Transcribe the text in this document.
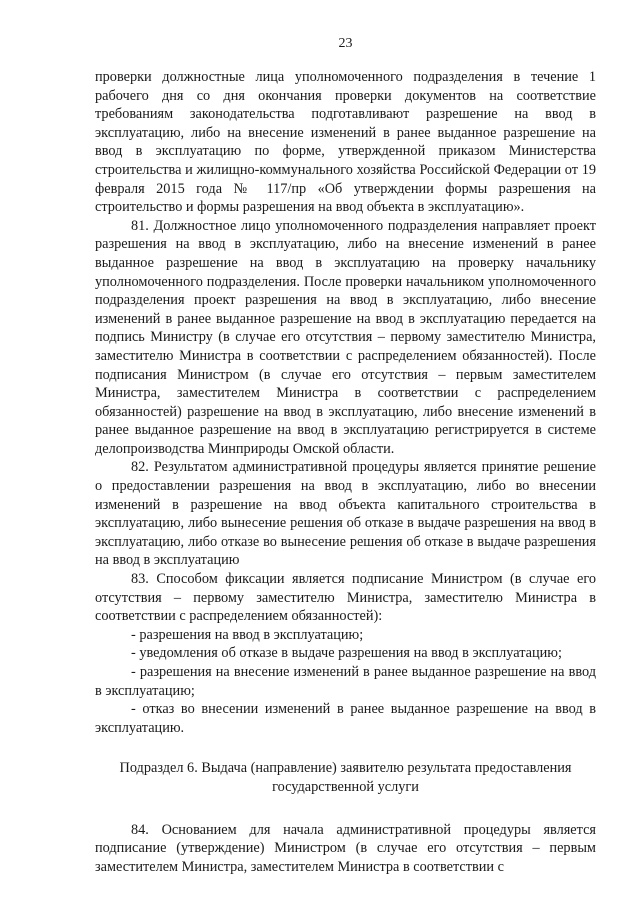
23

проверки должностные лица уполномоченного подразделения в течение 1 рабочего дня со дня окончания проверки документов на соответствие требованиям законодательства подготавливают разрешение на ввод в эксплуатацию, либо на внесение изменений в ранее выданное разрешение на ввод в эксплуатацию по форме, утвержденной приказом Министерства строительства и жилищно-коммунального хозяйства Российской Федерации от 19 февраля 2015 года № 117/пр «Об утверждении формы разрешения на строительство и формы разрешения на ввод объекта в эксплуатацию».

81. Должностное лицо уполномоченного подразделения направляет проект разрешения на ввод в эксплуатацию, либо на внесение изменений в ранее выданное разрешение на ввод в эксплуатацию на проверку начальнику уполномоченного подразделения. После проверки начальником уполномоченного подразделения проект разрешения на ввод в эксплуатацию, либо внесение изменений в ранее выданное разрешение на ввод в эксплуатацию передается на подпись Министру (в случае его отсутствия – первому заместителю Министра, заместителю Министра в соответствии с распределением обязанностей). После подписания Министром (в случае его отсутствия – первым заместителем Министра, заместителем Министра в соответствии с распределением обязанностей) разрешение на ввод в эксплуатацию, либо внесение изменений в ранее выданное разрешение на ввод в эксплуатацию регистрируется в системе делопроизводства Минприроды Омской области.

82. Результатом административной процедуры является принятие решение о предоставлении разрешения на ввод в эксплуатацию, либо во внесении изменений в разрешение на ввод объекта капитального строительства в эксплуатацию, либо вынесение решения об отказе в выдаче разрешения на ввод в эксплуатацию, либо отказе во вынесение решения об отказе в выдаче разрешения на ввод в эксплуатацию

83. Способом фиксации является подписание Министром (в случае его отсутствия – первому заместителю Министра, заместителю Министра в соответствии с распределением обязанностей):

- разрешения на ввод в эксплуатацию;

- уведомления об отказе в выдаче разрешения на ввод в эксплуатацию;

- разрешения на внесение изменений в ранее выданное разрешение на ввод в эксплуатацию;

- отказ во внесении изменений в ранее выданное разрешение на ввод в эксплуатацию.

Подраздел 6. Выдача (направление) заявителю результата предоставления государственной услуги

84. Основанием для начала административной процедуры является подписание (утверждение) Министром (в случае его отсутствия – первым заместителем Министра, заместителем Министра в соответствии с
